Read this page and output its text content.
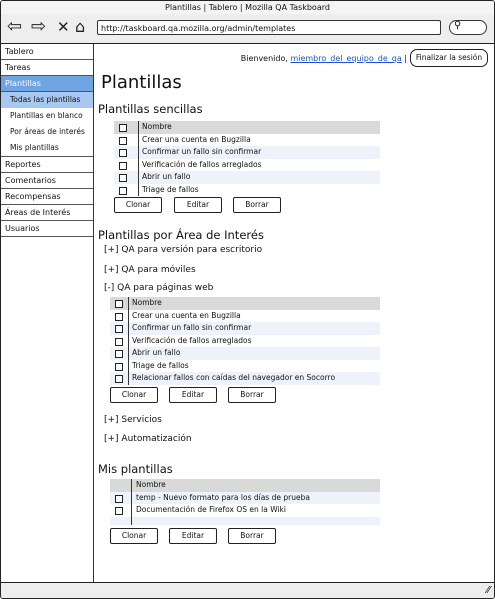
Plantillas | Tablero | Mozilla QA Taskboard
⇦ ⇨ ✕ ⌂	http://taskboard.qa.mozilla.org/admin/templates	⚲
Tablero
Tareas
Plantillas
Todas las plantillas
Plantillas en blanco
Por áreas de interés
Mis plantillas
Reportes
Comentarios
Recompensas
Áreas de Interés
Usuarios
Bienvenido, miembro_del_equipo_de_qa |	Finalizar la sesión
Plantillas
Plantillas sencillas
Nombre
Crear una cuenta en Bugzilla
Confirmar un fallo sin confirmar
Verificación de fallos arreglados
Abrir un fallo
Triage de fallos
Clonar	Editar	Borrar
Plantillas por Área de Interés
[+] QA para versión para escritorio
[+] QA para móviles
[-] QA para páginas web
Nombre
Crear una cuenta en Bugzilla
Confirmar un fallo sin confirmar
Verificación de fallos arreglados
Abrir un fallo
Triage de fallos
Relacionar fallos con caídas del navegador en Socorro
Clonar	Editar	Borrar
[+] Servicios
[+] Automatización
Mis plantillas
Nombre
temp - Nuevo formato para los días de prueba
Documentación de Firefox OS en la Wiki
Clonar	Editar	Borrar
⁄⁄
